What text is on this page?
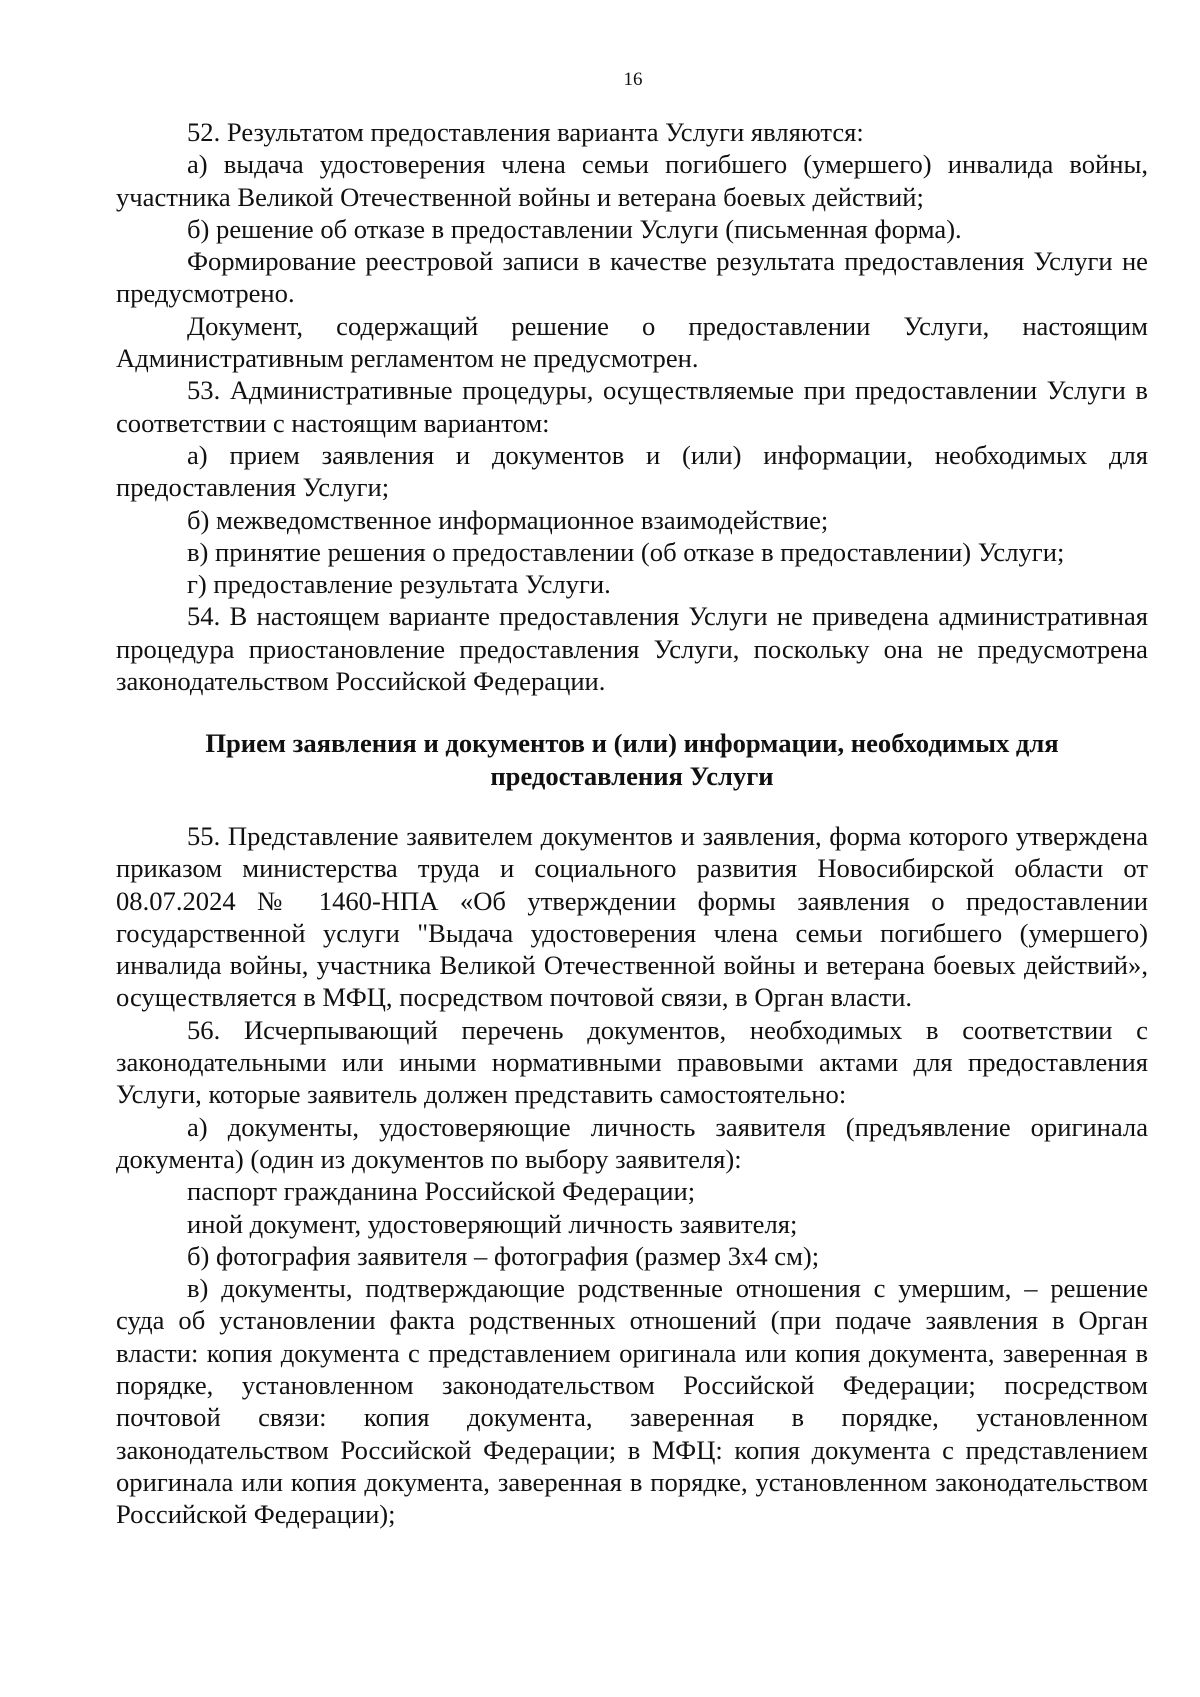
16

52. Результатом предоставления варианта Услуги являются:

а) выдача удостоверения члена семьи погибшего (умершего) инвалида войны, участника Великой Отечественной войны и ветерана боевых действий;

б) решение об отказе в предоставлении Услуги (письменная форма).

Формирование реестровой записи в качестве результата предоставления Услуги не предусмотрено.

Документ, содержащий решение о предоставлении Услуги, настоящим Административным регламентом не предусмотрен.

53. Административные процедуры, осуществляемые при предоставлении Услуги в соответствии с настоящим вариантом:

а) прием заявления и документов и (или) информации, необходимых для предоставления Услуги;

б) межведомственное информационное взаимодействие;

в) принятие решения о предоставлении (об отказе в предоставлении) Услуги;

г) предоставление результата Услуги.

54. В настоящем варианте предоставления Услуги не приведена административная процедура приостановление предоставления Услуги, поскольку она не предусмотрена законодательством Российской Федерации.

Прием заявления и документов и (или) информации, необходимых для предоставления Услуги

55. Представление заявителем документов и заявления, форма которого утверждена приказом министерства труда и социального развития Новосибирской области от 08.07.2024 № 1460-НПА «Об утверждении формы заявления о предоставлении государственной услуги "Выдача удостоверения члена семьи погибшего (умершего) инвалида войны, участника Великой Отечественной войны и ветерана боевых действий», осуществляется в МФЦ, посредством почтовой связи, в Орган власти.

56. Исчерпывающий перечень документов, необходимых в соответствии с законодательными или иными нормативными правовыми актами для предоставления Услуги, которые заявитель должен представить самостоятельно:

а) документы, удостоверяющие личность заявителя (предъявление оригинала документа) (один из документов по выбору заявителя):

паспорт гражданина Российской Федерации;

иной документ, удостоверяющий личность заявителя;

б) фотография заявителя – фотография (размер 3х4 см);

в) документы, подтверждающие родственные отношения с умершим, – решение суда об установлении факта родственных отношений (при подаче заявления в Орган власти: копия документа с представлением оригинала или копия документа, заверенная в порядке, установленном законодательством Российской Федерации; посредством почтовой связи: копия документа, заверенная в порядке, установленном законодательством Российской Федерации; в МФЦ: копия документа с представлением оригинала или копия документа, заверенная в порядке, установленном законодательством Российской Федерации);
